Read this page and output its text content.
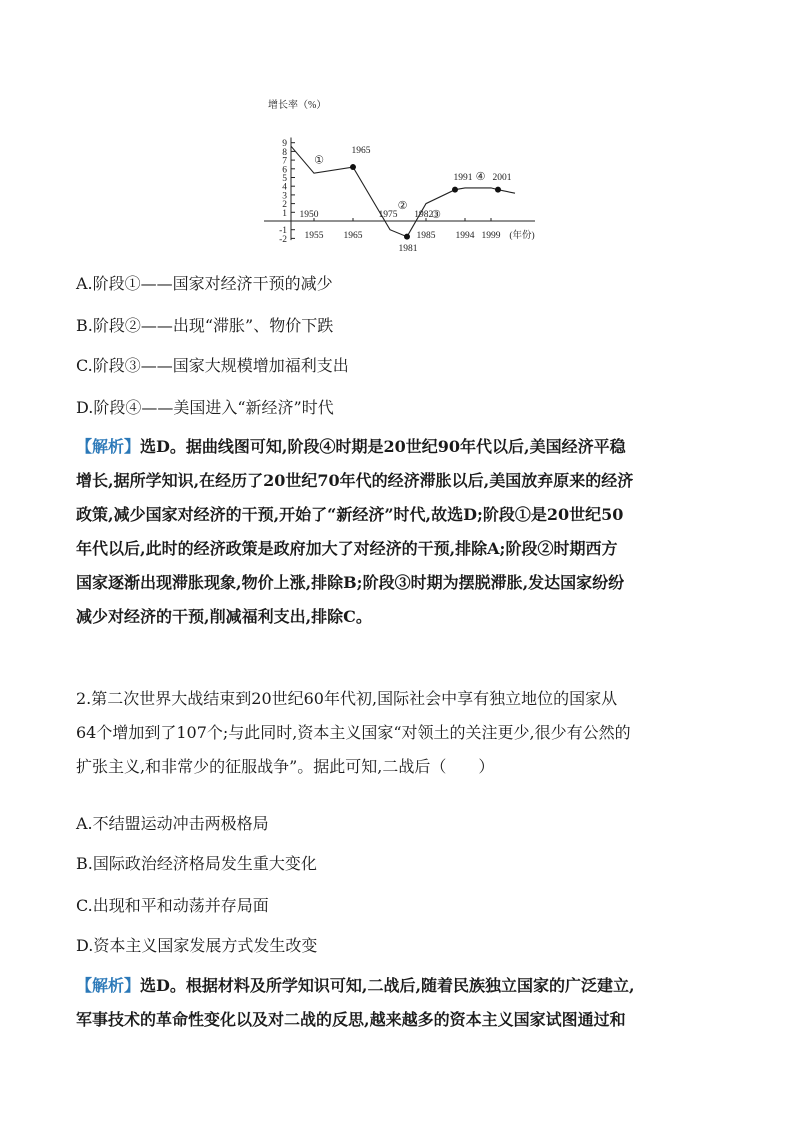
增长率（%）
9
8
7
6
5
4
3
2
1
-1
-2 1955 1965	1985 1994 1999 (年份)
1950
1965
1975
1981
1982
1991 2001
①
②
③
④
A.阶段①——国家对经济干预的减少
B.阶段②——出现“滞胀”、物价下跌
C.阶段③——国家大规模增加福利支出
D.阶段④——美国进入“新经济”时代
【解析】选D。据曲线图可知,阶段④时期是20世纪90年代以后,美国经济平稳
增长,据所学知识,在经历了20世纪70年代的经济滞胀以后,美国放弃原来的经济
政策,减少国家对经济的干预,开始了“新经济”时代,故选D;阶段①是20世纪50
年代以后,此时的经济政策是政府加大了对经济的干预,排除A;阶段②时期西方
国家逐渐出现滞胀现象,物价上涨,排除B;阶段③时期为摆脱滞胀,发达国家纷纷
减少对经济的干预,削减福利支出,排除C。
2.第二次世界大战结束到20世纪60年代初,国际社会中享有独立地位的国家从
64个增加到了107个;与此同时,资本主义国家“对领土的关注更少,很少有公然的
扩张主义,和非常少的征服战争”。据此可知,二战后（　　）
A.不结盟运动冲击两极格局
B.国际政治经济格局发生重大变化
C.出现和平和动荡并存局面
D.资本主义国家发展方式发生改变
【解析】选D。根据材料及所学知识可知,二战后,随着民族独立国家的广泛建立,
军事技术的革命性变化以及对二战的反思,越来越多的资本主义国家试图通过和
